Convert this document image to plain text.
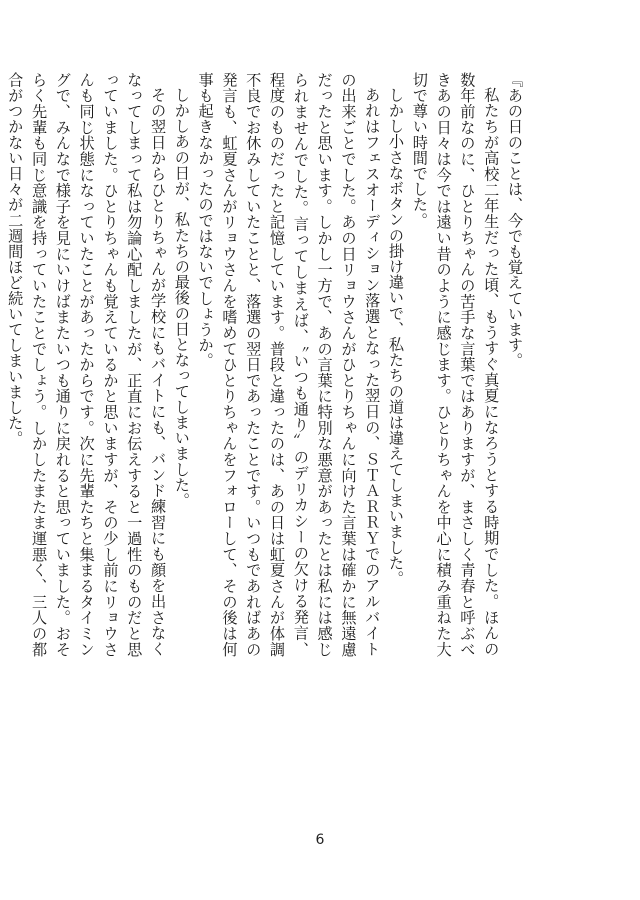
『あの日のことは、今でも覚えています。

私たちが高校二年生だった頃、もうすぐ真夏になろうとする時期でした。ほんの数年前なのに、ひとりちゃんの苦手な言葉ではありますが、まさしく青春と呼ぶべきあの日々は今では遠い昔のように感じます。ひとりちゃんを中心に積み重ねた大切で尊い時間でした。

しかし小さなボタンの掛け違いで、私たちの道は違えてしまいました。

あれはフェスオーディション落選となった翌日の、ＳＴＡＲＲＹでのアルバイトの出来ごとでした。あの日リョウさんがひとりちゃんに向けた言葉は確かに無遠慮だったと思います。しかし一方で、あの言葉に特別な悪意があったとは私には感じられませんでした。言ってしまえば、〝いつも通り〟のデリカシーの欠ける発言、程度のものだったと記憶しています。普段と違ったのは、あの日は虹夏さんが体調不良でお休みしていたことと、落選の翌日であったことです。いつもであればあの発言も、虹夏さんがリョウさんを嗜めてひとりちゃんをフォローして、その後は何事も起きなかったのではないでしょうか。

しかしあの日が、私たちの最後の日となってしまいました。

その翌日からひとりちゃんが学校にもバイトにも、バンド練習にも顔を出さなくなってしまって私は勿論心配しましたが、正直にお伝えすると一過性のものだと思っていました。ひとりちゃんも覚えているかと思いますが、その少し前にリョウさんも同じ状態になっていたことがあったからです。次に先輩たちと集まるタイミングで、みんなで様子を見にいけばまたいつも通りに戻れると思っていました。おそらく先輩も同じ意識を持っていたことでしょう。しかしたまたま運悪く、三人の都合がつかない日々が二週間ほど続いてしまいました。

6
